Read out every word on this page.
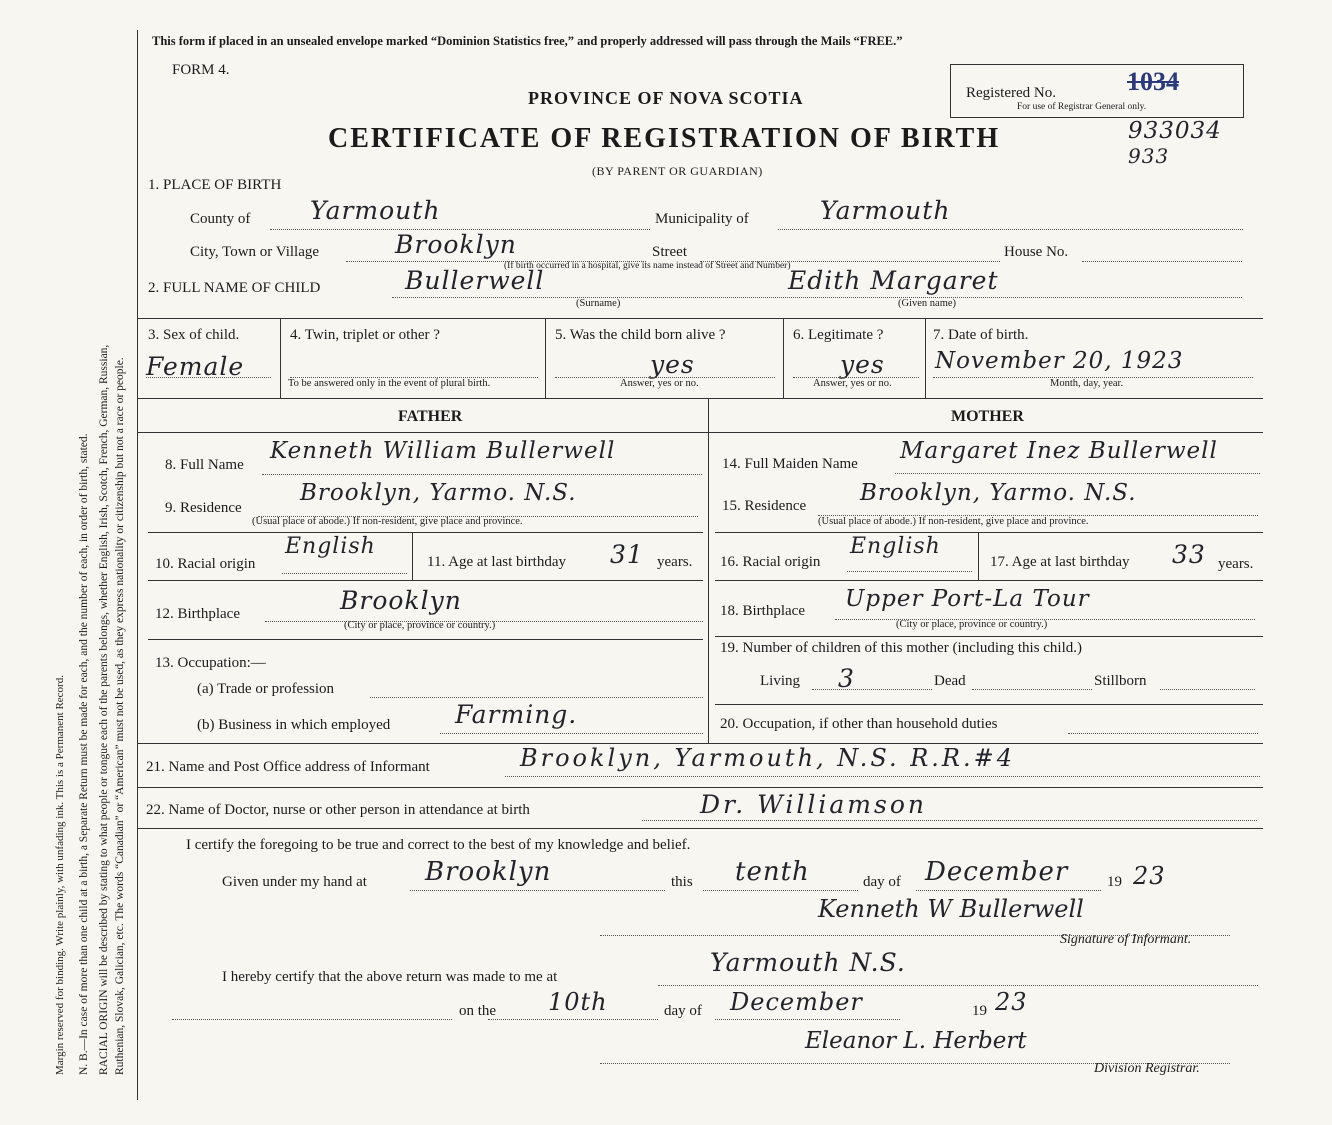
Margin reserved for binding. Write plainly, with unfading ink. This is a Permanent Record. N. B.—In case of more than one child at a birth, a Separate Return must be made for each, and the number of each, in order of birth, stated. RACIAL ORIGIN will be described by stating to what people or tongue each of the parents belongs, whether English, Irish, Scotch, French, German, Russian, Ruthenian, Slovak, Galician, etc. The words “Canadian” or “American” must not be used, as they express nationality or citizenship but not a race or people.
This form if placed in an unsealed envelope marked “Dominion Statistics free,” and properly addressed will pass through the Mails “FREE.”
FORM 4.
PROVINCE OF NOVA SCOTIA
CERTIFICATE OF REGISTRATION OF BIRTH
(BY PARENT OR GUARDIAN)
Registered No.	1034
For use of Registrar General only.
933034
933
1. PLACE OF BIRTH
County of Yarmouth	Municipality of	Yarmouth
City, Town or Village	Brooklyn	Street	House No.
(If birth occurred in a hospital, give its name instead of Street and Number)
2. FULL NAME OF CHILD	Bullerwell	Edith Margaret
(Surname)	(Given name)
3. Sex of child.
Female
4. Twin, triplet or other ?
To be answered only in the event of plural birth.
5. Was the child born alive ?
yes
Answer, yes or no.
6. Legitimate ?
yes
Answer, yes or no.
7. Date of birth.
November 20, 1923
Month, day, year.
FATHER	MOTHER
8. Full Name
Kenneth William Bullerwell
9. Residence
Brooklyn, Yarmo. N.S.
(Usual place of abode.) If non-resident, give place and province.
10. Racial origin
English
11. Age at last birthday 31 years.
12. Birthplace	Brooklyn
(City or place, province or country.)
13. Occupation:—
(a) Trade or profession
(b) Business in which employed	Farming.
14. Full Maiden Name Margaret Inez Bullerwell
15. Residence Brooklyn, Yarmo. N.S.
(Usual place of abode.) If non-resident, give place and province.
16. Racial origin
English
17. Age at last birthday 33 years.
18. Birthplace Upper Port-La Tour
(City or place, province or country.)
19. Number of children of this mother (including this child.)
Living 3	Dead	Stillborn
20. Occupation, if other than household duties
21. Name and Post Office address of Informant	Brooklyn, Yarmouth, N.S. R.R.#4
22. Name of Doctor, nurse or other person in attendance at birth	Dr. Williamson
I certify the foregoing to be true and correct to the best of my knowledge and belief.
Given under my hand at Brooklyn	this tenth	day of December	19 23
Kenneth W Bullerwell
Signature of Informant.
I hereby certify that the above return was made to me at	Yarmouth N.S.
on the 10th	day of December	19 23
Eleanor L. Herbert
Division Registrar.
